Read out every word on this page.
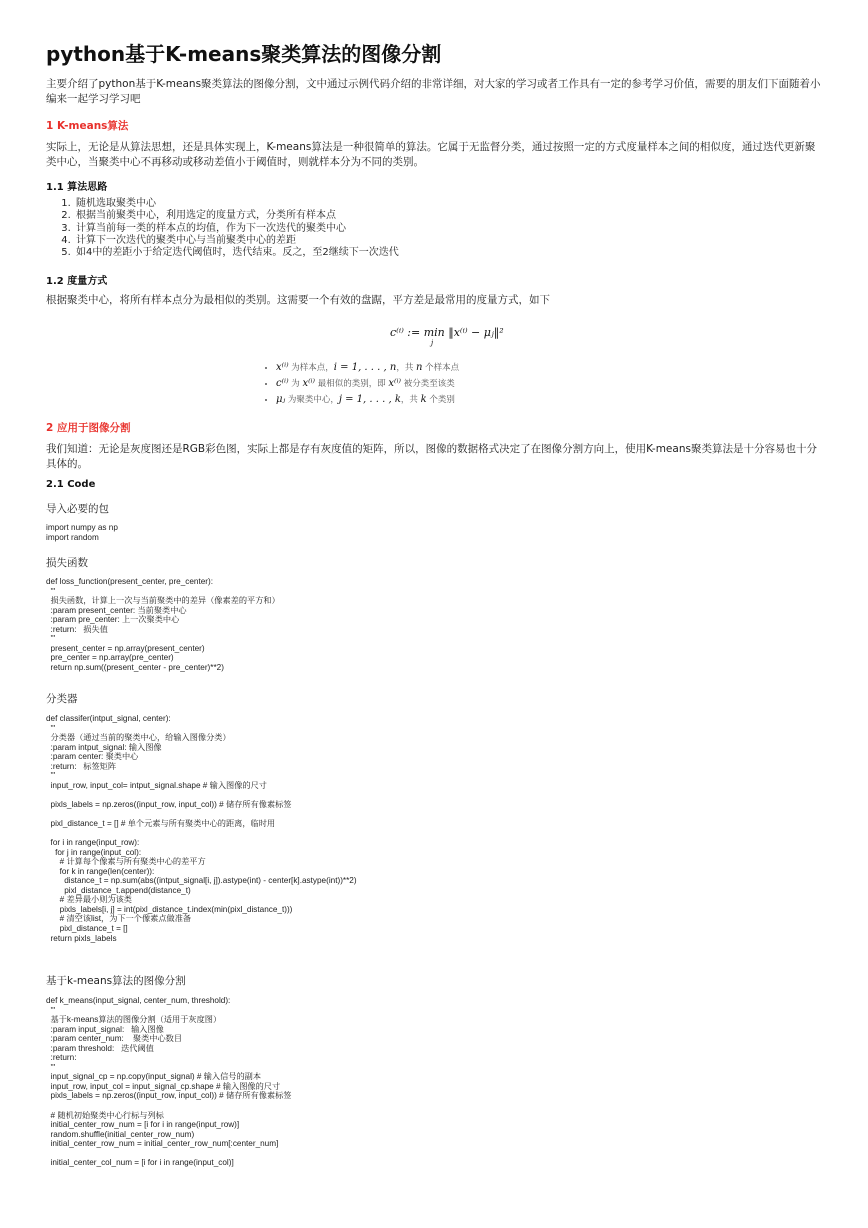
python基于K-means聚类算法的图像分割

主要介绍了python基于K-means聚类算法的图像分割，文中通过示例代码介绍的非常详细，对大家的学习或者工作具有一定的参考学习价值，需要的朋友们下面随着小编来一起学习学习吧

1 K-means算法

实际上，无论是从算法思想，还是具体实现上，K-means算法是一种很简单的算法。它属于无监督分类，通过按照一定的方式度量样本之间的相似度，通过迭代更新聚类中心，当聚类中心不再移动或移动差值小于阈值时，则就样本分为不同的类别。

1.1 算法思路

1. 随机选取聚类中心
2. 根据当前聚类中心，利用选定的度量方式，分类所有样本点
3. 计算当前每一类的样本点的均值，作为下一次迭代的聚类中心
4. 计算下一次迭代的聚类中心与当前聚类中心的差距
5. 如4中的差距小于给定迭代阈值时，迭代结束。反之，至2继续下一次迭代

1.2 度量方式

根据聚类中心，将所有样本点分为最相似的类别。这需要一个有效的盘踞，平方差是最常用的度量方式，如下

c⁽ⁱ⁾ := min ‖x⁽ⁱ⁾ − μⱼ‖²
j
• x⁽ⁱ⁾ 为样本点，i = 1, . . . , n，共 n 个样本点
• c⁽ⁱ⁾ 为 x⁽ⁱ⁾ 最相似的类别，即 x⁽ⁱ⁾ 被分类至该类
• μⱼ 为聚类中心，j = 1, . . . , k，共 k 个类别

2 应用于图像分割

我们知道：无论是灰度图还是RGB彩色图，实际上都是存有灰度值的矩阵，所以，图像的数据格式决定了在图像分割方向上，使用K-means聚类算法是十分容易也十分具体的。

2.1 Code

导入必要的包

import numpy as np
import random

损失函数

def loss_function(present_center, pre_center):
'''
损失函数，计算上一次与当前聚类中的差异（像素差的平方和）
:param present_center: 当前聚类中心
:param pre_center: 上一次聚类中心
:return:   损失值
'''
present_center = np.array(present_center)
pre_center = np.array(pre_center)
return np.sum((present_center - pre_center)**2)

分类器

def classifer(intput_signal, center):
'''
分类器（通过当前的聚类中心，给输入图像分类）
:param intput_signal: 输入图像
:param center: 聚类中心
:return:   标签矩阵
'''
input_row, input_col= intput_signal.shape # 输入图像的尺寸

pixls_labels = np.zeros((input_row, input_col)) # 储存所有像素标签

pixl_distance_t = [] # 单个元素与所有聚类中心的距离，临时用

for i in range(input_row):
for j in range(input_col):
# 计算每个像素与所有聚类中心的差平方
for k in range(len(center)):
distance_t = np.sum(abs((intput_signal[i, j]).astype(int) - center[k].astype(int))**2)
pixl_distance_t.append(distance_t)
# 差异最小则为该类
pixls_labels[i, j] = int(pixl_distance_t.index(min(pixl_distance_t)))
# 清空该list，为下一个像素点做准备
pixl_distance_t = []
return pixls_labels

基于k-means算法的图像分割

def k_means(input_signal, center_num, threshold):
'''
基于k-means算法的图像分割（适用于灰度图）
:param input_signal:   输入图像
:param center_num:    聚类中心数目
:param threshold:   迭代阈值
:return:
'''
input_signal_cp = np.copy(input_signal) # 输入信号的副本
input_row, input_col = input_signal_cp.shape # 输入图像的尺寸
pixls_labels = np.zeros((input_row, input_col)) # 储存所有像素标签

# 随机初始聚类中心行标与列标
initial_center_row_num = [i for i in range(input_row)]
random.shuffle(initial_center_row_num)
initial_center_row_num = initial_center_row_num[:center_num]

initial_center_col_num = [i for i in range(input_col)]
